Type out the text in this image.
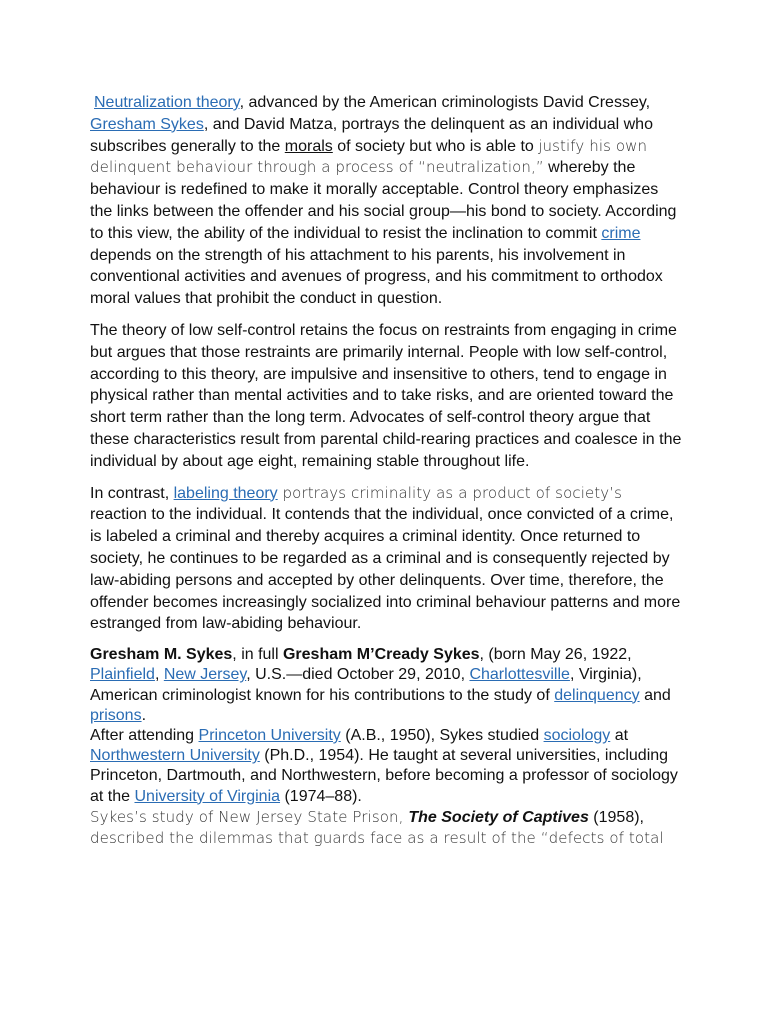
Neutralization theory, advanced by the American criminologists David Cressey, Gresham Sykes, and David Matza, portrays the delinquent as an individual who subscribes generally to the morals of society but who is able to justify his own delinquent behaviour through a process of “neutralization,” whereby the behaviour is redefined to make it morally acceptable. Control theory emphasizes the links between the offender and his social group—his bond to society. According to this view, the ability of the individual to resist the inclination to commit crime depends on the strength of his attachment to his parents, his involvement in conventional activities and avenues of progress, and his commitment to orthodox moral values that prohibit the conduct in question.

The theory of low self-control retains the focus on restraints from engaging in crime but argues that those restraints are primarily internal. People with low self-control, according to this theory, are impulsive and insensitive to others, tend to engage in physical rather than mental activities and to take risks, and are oriented toward the short term rather than the long term. Advocates of self-control theory argue that these characteristics result from parental child-rearing practices and coalesce in the individual by about age eight, remaining stable throughout life.

In contrast, labeling theory portrays criminality as a product of society’s reaction to the individual. It contends that the individual, once convicted of a crime, is labeled a criminal and thereby acquires a criminal identity. Once returned to society, he continues to be regarded as a criminal and is consequently rejected by law-abiding persons and accepted by other delinquents. Over time, therefore, the offender becomes increasingly socialized into criminal behaviour patterns and more estranged from law-abiding behaviour.

Gresham M. Sykes, in full Gresham M’Cready Sykes, (born May 26, 1922, Plainfield, New Jersey, U.S.—died October 29, 2010, Charlottesville, Virginia), American criminologist known for his contributions to the study of delinquency and prisons.

After attending Princeton University (A.B., 1950), Sykes studied sociology at Northwestern University (Ph.D., 1954). He taught at several universities, including Princeton, Dartmouth, and Northwestern, before becoming a professor of sociology at the University of Virginia (1974–88).

Sykes’s study of New Jersey State Prison, The Society of Captives (1958), described the dilemmas that guards face as a result of the “defects of total
